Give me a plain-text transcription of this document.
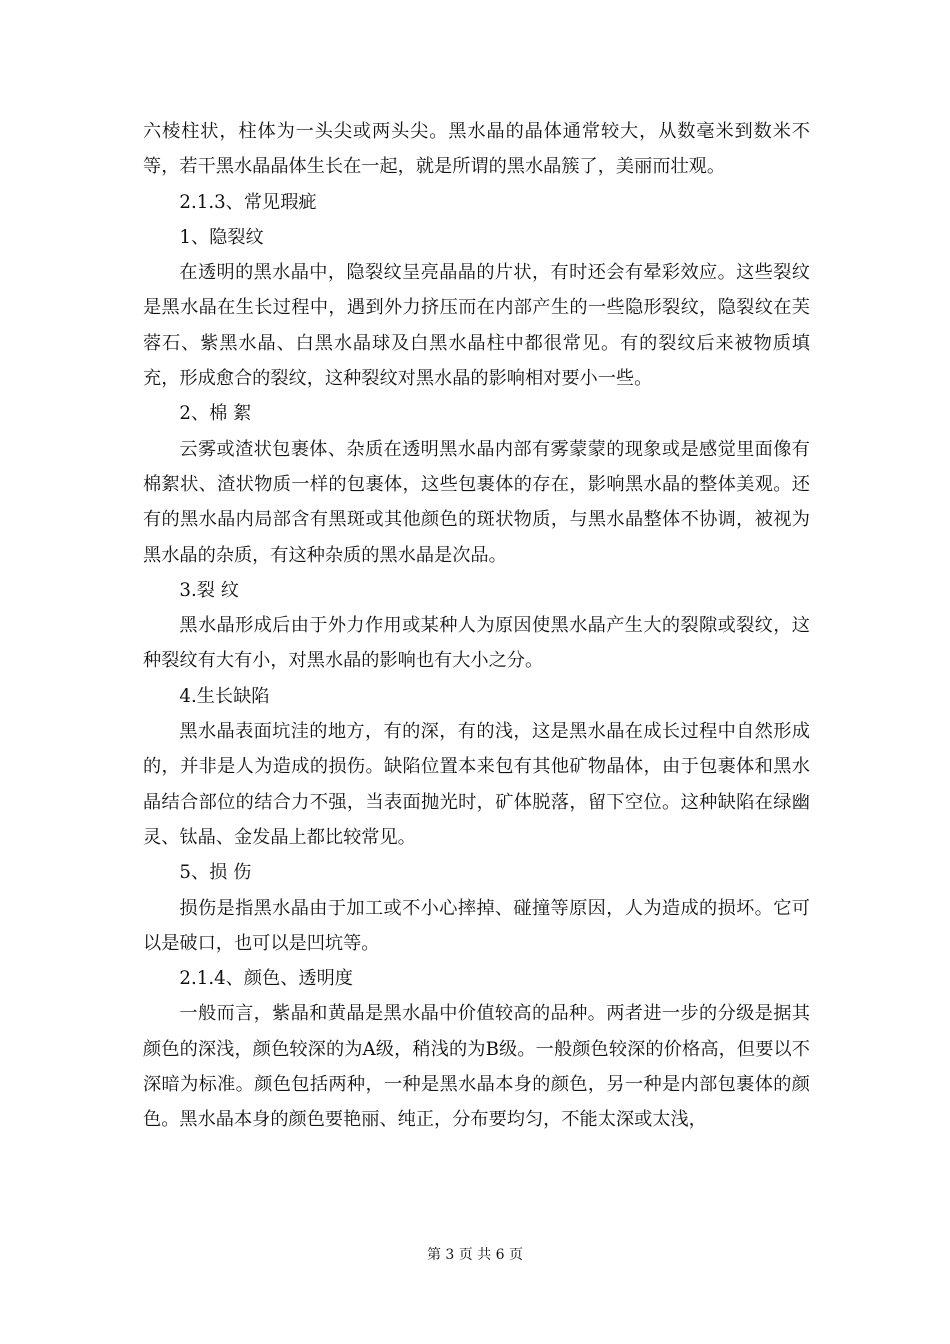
六棱柱状，柱体为一头尖或两头尖。黑水晶的晶体通常较大，从数毫米到数米不等，若干黑水晶晶体生长在一起，就是所谓的黑水晶簇了，美丽而壮观。

2.1.3、常见瑕疵

1、隐裂纹

在透明的黑水晶中，隐裂纹呈亮晶晶的片状，有时还会有晕彩效应。这些裂纹是黑水晶在生长过程中，遇到外力挤压而在内部产生的一些隐形裂纹，隐裂纹在芙蓉石、紫黑水晶、白黑水晶球及白黑水晶柱中都很常见。有的裂纹后来被物质填充，形成愈合的裂纹，这种裂纹对黑水晶的影响相对要小一些。

2、棉 絮

云雾或渣状包裹体、杂质在透明黑水晶内部有雾蒙蒙的现象或是感觉里面像有棉絮状、渣状物质一样的包裹体，这些包裹体的存在，影响黑水晶的整体美观。还有的黑水晶内局部含有黑斑或其他颜色的斑状物质，与黑水晶整体不协调，被视为黑水晶的杂质，有这种杂质的黑水晶是次品。

3.裂 纹

黑水晶形成后由于外力作用或某种人为原因使黑水晶产生大的裂隙或裂纹，这种裂纹有大有小，对黑水晶的影响也有大小之分。

4.生长缺陷

黑水晶表面坑洼的地方，有的深，有的浅，这是黑水晶在成长过程中自然形成的，并非是人为造成的损伤。缺陷位置本来包有其他矿物晶体，由于包裹体和黑水晶结合部位的结合力不强，当表面抛光时，矿体脱落，留下空位。这种缺陷在绿幽灵、钛晶、金发晶上都比较常见。

5、损 伤

损伤是指黑水晶由于加工或不小心摔掉、碰撞等原因，人为造成的损坏。它可以是破口，也可以是凹坑等。

2.1.4、颜色、透明度

一般而言，紫晶和黄晶是黑水晶中价值较高的品种。两者进一步的分级是据其颜色的深浅，颜色较深的为A级，稍浅的为B级。一般颜色较深的价格高，但要以不深暗为标准。颜色包括两种，一种是黑水晶本身的颜色，另一种是内部包裹体的颜色。黑水晶本身的颜色要艳丽、纯正，分布要均匀，不能太深或太浅，

第 3 页 共 6 页
